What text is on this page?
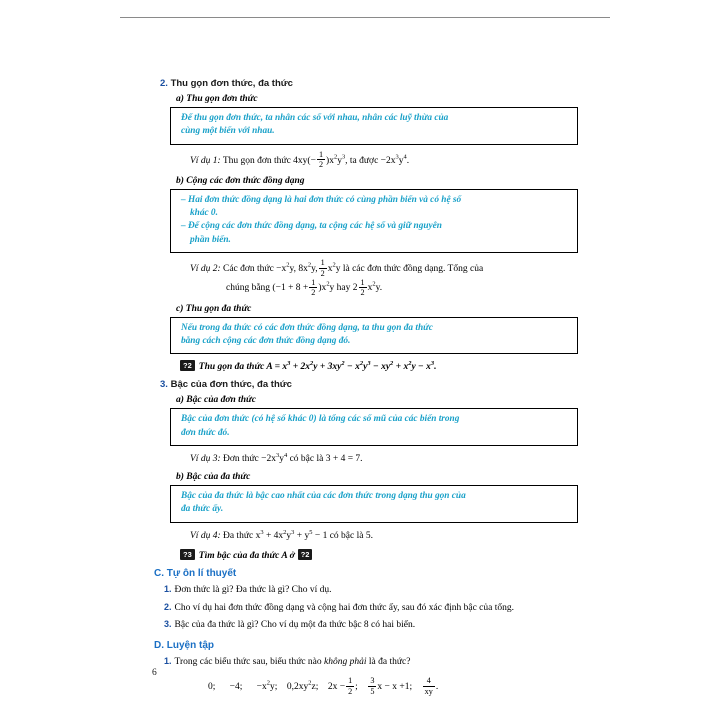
2. Thu gọn đơn thức, đa thức
a) Thu gọn đơn thức

Để thu gọn đơn thức, ta nhân các số với nhau, nhân các luỹ thừa của

cùng một biến với nhau.

Ví dụ 1: Thu gọn đơn thức $4xy(- \frac{1}{2} )x^2y^3$, ta được $-2x^3y^4$.
b) Cộng các đơn thức đồng dạng

– Hai đơn thức đồng dạng là hai đơn thức có cùng phần biến và có hệ số

khác 0.

– Để cộng các đơn thức đồng dạng, ta cộng các hệ số và giữ nguyên

phần biến.

Ví dụ 2: Các đơn thức $-x^2y$, $8x^2y$, $\frac{1}{2} x^2y$ là các đơn thức đồng dạng. Tổng của
chúng bằng $(-1 + 8 + \frac{1}{2} )x^2y$ hay $2 \frac{1}{2} x^2y$.
c) Thu gọn đa thức

Nếu trong đa thức có các đơn thức đồng dạng, ta thu gọn đa thức

bằng cách cộng các đơn thức đồng dạng đó.

?2 Thu gọn đa thức $A = x^3 + 2x^2y + 3xy^2 - x^2y^3 - xy^2 + x^2y - x^3$.
3. Bậc của đơn thức, đa thức
a) Bậc của đơn thức

Bậc của đơn thức (có hệ số khác 0) là tổng các số mũ của các biến trong

đơn thức đó.

Ví dụ 3: Đơn thức $-2x^3y^4$ có bậc là 3 + 4 = 7.
b) Bậc của đa thức

Bậc của đa thức là bậc cao nhất của các đơn thức trong dạng thu gọn của

đa thức ấy.

Ví dụ 4: Đa thức $x^3 + 4x^2y^3 + y^5 - 1$ có bậc là 5.
?3 Tìm bậc của đa thức A ở ?2
C. Tự ôn lí thuyết
1. Đơn thức là gì? Đa thức là gì? Cho ví dụ.
2. Cho ví dụ hai đơn thức đồng dạng và cộng hai đơn thức ấy, sau đó xác định bậc của tổng.
3. Bậc của đa thức là gì? Cho ví dụ một đa thức bậc 8 có hai biến.
D. Luyện tập
1. Trong các biểu thức sau, biểu thức nào không phải là đa thức?
0; −4; $-x^2y$; $0,2xy^2z$; $2x - \frac{1}{2}$ ; $\frac{3}{5}$ x − x +1; $\frac{4}{xy}$ .
6
